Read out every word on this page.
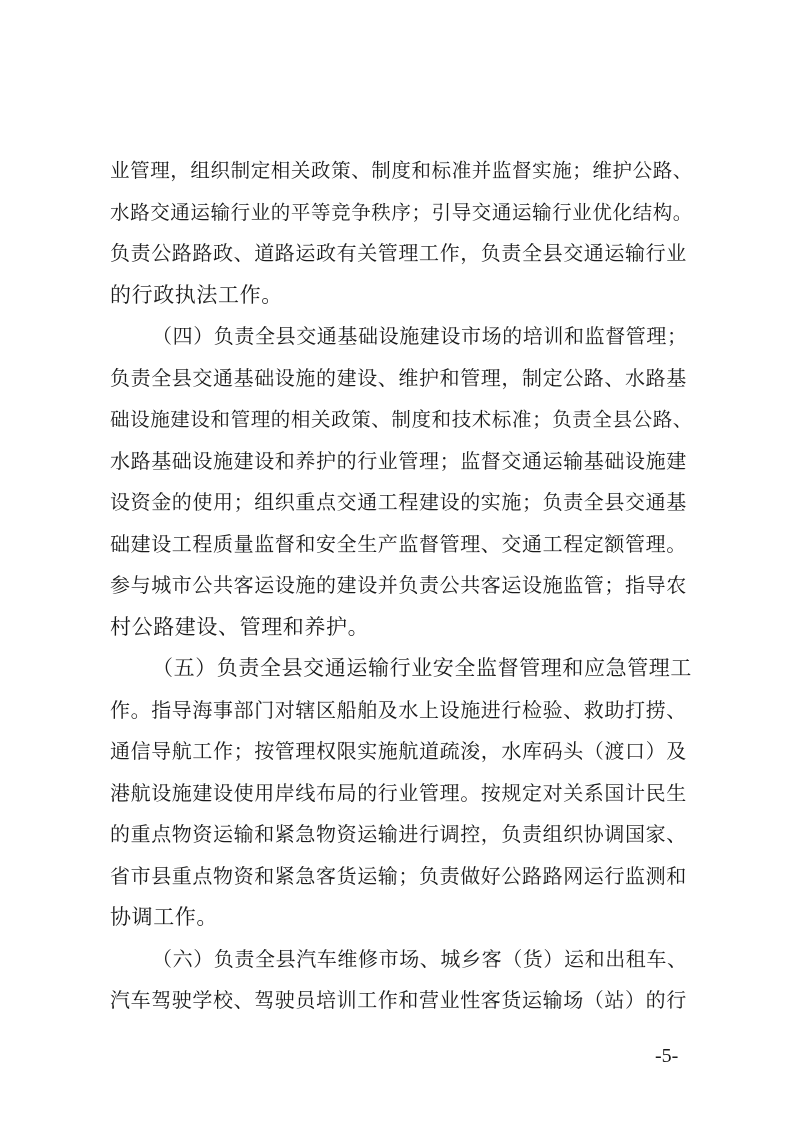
业管理，组织制定相关政策、制度和标准并监督实施；维护公路、
水路交通运输行业的平等竞争秩序；引导交通运输行业优化结构。
负责公路路政、道路运政有关管理工作，负责全县交通运输行业
的行政执法工作。
（四）负责全县交通基础设施建设市场的培训和监督管理；
负责全县交通基础设施的建设、维护和管理，制定公路、水路基
础设施建设和管理的相关政策、制度和技术标准；负责全县公路、
水路基础设施建设和养护的行业管理；监督交通运输基础设施建
设资金的使用；组织重点交通工程建设的实施；负责全县交通基
础建设工程质量监督和安全生产监督管理、交通工程定额管理。
参与城市公共客运设施的建设并负责公共客运设施监管；指导农
村公路建设、管理和养护。
（五）负责全县交通运输行业安全监督管理和应急管理工
作。指导海事部门对辖区船舶及水上设施进行检验、救助打捞、
通信导航工作；按管理权限实施航道疏浚，水库码头（渡口）及
港航设施建设使用岸线布局的行业管理。按规定对关系国计民生
的重点物资运输和紧急物资运输进行调控，负责组织协调国家、
省市县重点物资和紧急客货运输；负责做好公路路网运行监测和
协调工作。
（六）负责全县汽车维修市场、城乡客（货）运和出租车、
汽车驾驶学校、驾驶员培训工作和营业性客货运输场（站）的行
-5-
